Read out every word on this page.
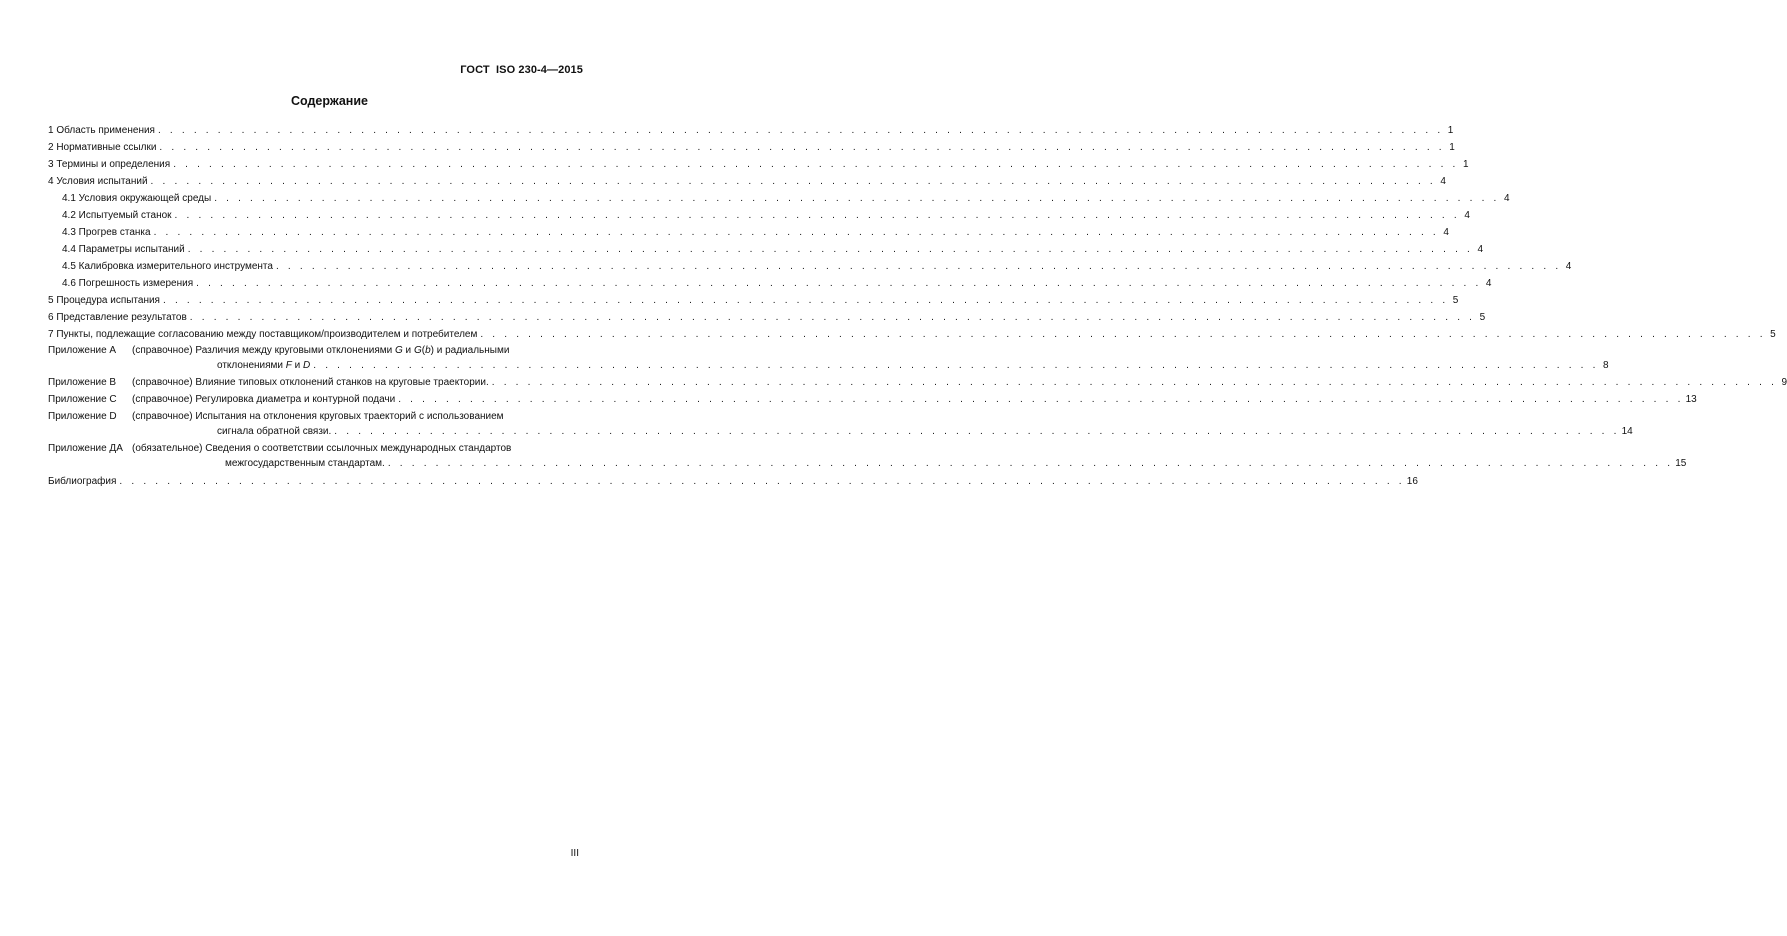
ГОСТ  ISO 230-4—2015
Содержание
1 Область применения . . .	1
2 Нормативные ссылки . . .	1
3 Термины и определения . . .	1
4 Условия испытаний . . .	4
4.1 Условия окружающей среды . . .	4
4.2 Испытуемый станок . . .	4
4.3 Прогрев станка . . .	4
4.4 Параметры испытаний . . .	4
4.5 Калибровка измерительного инструмента . . .	4
4.6 Погрешность измерения . . .	4
5 Процедура испытания . . .	5
6 Представление результатов . . .	5
7 Пункты, подлежащие согласованию между поставщиком/производителем и потребителем . . .	5
Приложение A	(справочное) Различия между круговыми отклонениями G и G(b) и радиальными
отклонениями F и D . . .	8
Приложение B	(справочное) Влияние типовых отклонений станков на круговые траектории. . . .	9
Приложение C	(справочное) Регулировка диаметра и контурной подачи . . .	13
Приложение D	(справочное) Испытания на отклонения круговых траекторий с использованием
сигнала обратной связи. . . .	14
Приложение ДА (обязательное) Сведения о соответствии ссылочных международных стандартов
межгосударственным стандартам. . . .	15
Библиография . . .	16
III
